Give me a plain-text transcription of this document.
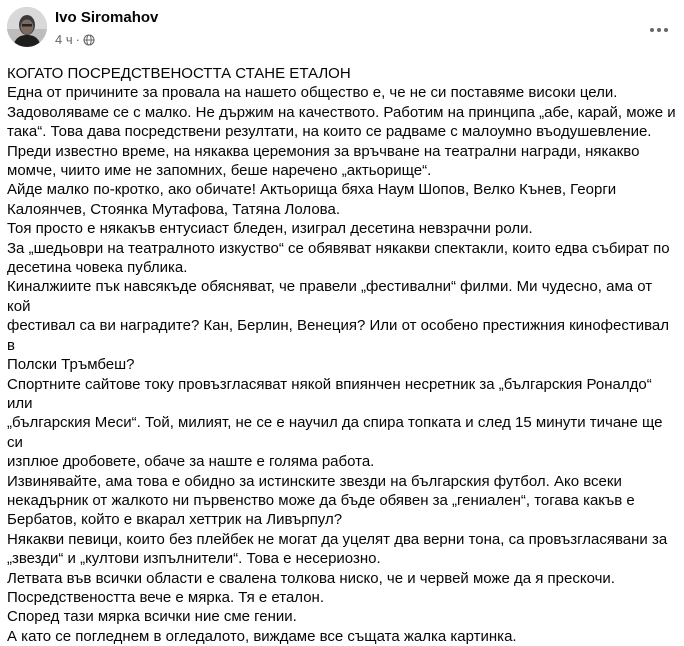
Ivo Siromahov
4 ч ·

КОГАТО ПОСРЕДСТВЕНОСТТА СТАНЕ ЕТАЛОН

Една от причините за провала на нашето общество е, че не си поставяме високи цели.

Задоволяваме се с малко. Не държим на качеството. Работим на принципа „абе, карай, може и

така“. Това дава посредствени резултати, на които се радваме с малоумно въодушевление.

Преди известно време, на някаква церемония за връчване на театрални награди, някакво

момче, чиито име не запомних, беше наречено „актьорище“.

Айде малко по-кротко, ако обичате! Актьорища бяха Наум Шопов, Велко Кънев, Георги

Калоянчев, Стоянка Мутафова, Татяна Лолова.

Тоя просто е някакъв ентусиаст бледен, изиграл десетина невзрачни роли.

За „шедьоври на театралното изкуство“ се обявяват някакви спектакли, които едва събират по

десетина човека публика.

Киналжиите пък навсякъде обясняват, че правели „фестивални“ филми. Ми чудесно, ама от кой

фестивал са ви наградите? Кан, Берлин, Венеция? Или от особено престижния кинофестивал в

Полски Тръмбеш?

Спортните сайтове току провъзгласяват някой впиянчен несретник за „българския Роналдо“ или

„българския Меси“. Той, милият, не се е научил да спира топката и след 15 минути тичане ще си

изплюе дробовете, обаче за наште е голяма работа.

Извинявайте, ама това е обидно за истинските звезди на българския футбол. Ако всеки

некадърник от жалкото ни първенство може да бъде обявен за „гениален“, тогава какъв е

Бербатов, който е вкарал хеттрик на Ливърпул?

Някакви певици, които без плейбек не могат да уцелят два верни тона, са провъзгласявани за

„звезди“ и „култови изпълнители“. Това е несериозно.

Летвата във всички области е свалена толкова ниско, че и червей може да я прескочи.

Посредствеността вече е мярка. Тя е еталон.

Според тази мярка всички ние сме гении.

А като се погледнем в огледалото, виждаме все същата жалка картинка.
